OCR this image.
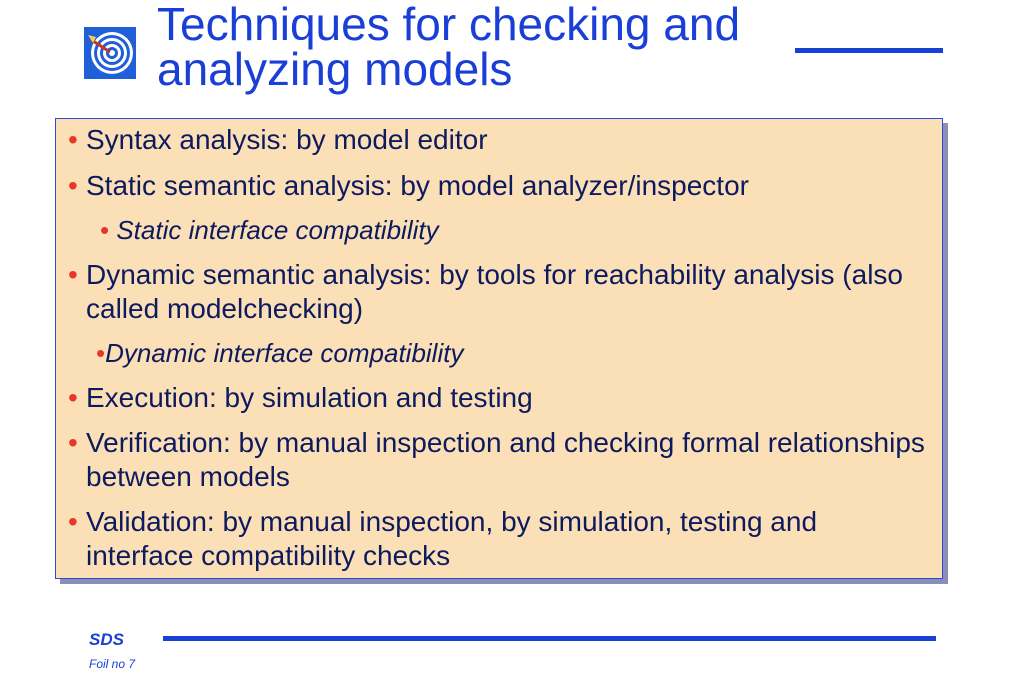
Techniques for checking and analyzing models
• Syntax analysis: by model editor
• Static semantic analysis: by model analyzer/inspector
• Static interface compatibility
• Dynamic semantic analysis: by tools for reachability analysis (also called modelchecking)
•Dynamic interface compatibility
• Execution: by simulation and testing
• Verification: by manual inspection and checking formal relationships between models
• Validation: by manual inspection, by simulation, testing and interface compatibility checks
SDS
Foil no 7
